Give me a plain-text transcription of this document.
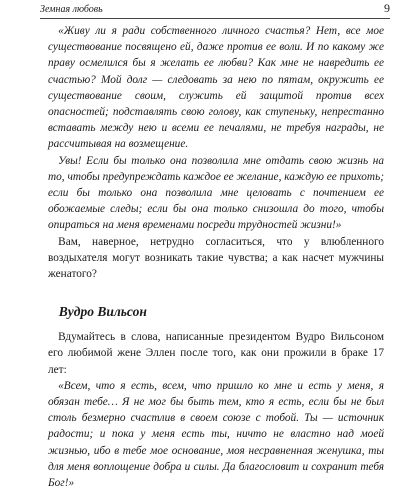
Земная любовь	9

«Живу ли я ради собственного личного счастья? Нет, все мое существование посвящено ей, даже против ее воли. И по какому же праву осмелился бы я желать ее любви? Как мне не навредить ее счастью? Мой долг — следовать за нею по пятам, окружить ее существование своим, служить ей защитой против всех опасностей; подставлять свою голову, как ступеньку, непрестанно вставать между нею и всеми ее печалями, не требуя награды, не рассчитывая на возмещение.

Увы! Если бы только она позволила мне отдать свою жизнь на то, чтобы предупреждать каждое ее желание, каждую ее прихоть; если бы только она позволила мне целовать с почтением ее обожаемые следы; если бы она только снизошла до того, чтобы опираться на меня временами посреди трудностей жизни!»

Вам, наверное, нетрудно согласиться, что у влюбленного воздыхателя могут возникать такие чувства; а как насчет мужчины женатого?

Вудро Вильсон

Вдумайтесь в слова, написанные президентом Вудро Вильсоном его любимой жене Эллен после того, как они прожили в браке 17 лет:

«Всем, что я есть, всем, что пришло ко мне и есть у меня, я обязан тебе… Я не мог бы быть тем, кто я есть, если бы не был столь безмерно счастлив в своем союзе с тобой. Ты — источник радости; и пока у меня есть ты, ничто не властно над моей жизнью, ибо в тебе мое основание, моя несравненная женушка, ты для меня воплощение добра и силы. Да благословит и сохранит тебя Бог!»
